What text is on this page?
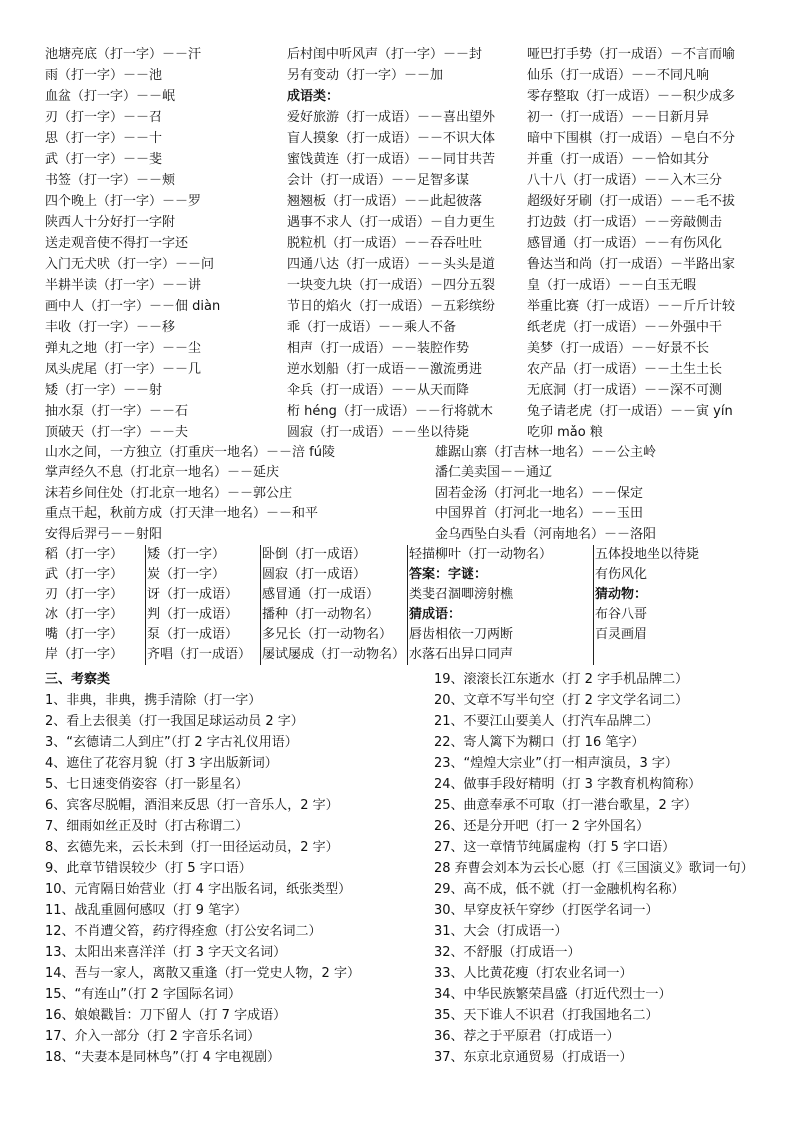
池塘亮底（打一字）－－汗
雨（打一字）－－池
血盆（打一字）－－岷
刃（打一字）－－召
思（打一字）－－十
武（打一字）－－斐
书签（打一字）－－颊
四个晚上（打一字）－－罗
陕西人十分好打一字附
送走观音使不得打一字还
入门无犬吠（打一字）－－问
半耕半读（打一字）－－讲
画中人（打一字）－－佃 diàn
丰收（打一字）－－移
弹丸之地（打一字）－－尘
凤头虎尾（打一字）－－几
矮（打一字）－－射
抽水泵（打一字）－－石
顶破天（打一字）－－夫
后村闺中听风声（打一字）－－封
另有变动（打一字）－－加
成语类：
爱好旅游（打一成语）－－喜出望外
盲人摸象（打一成语）－－不识大体
蜜饯黄连（打一成语）－－同甘共苦
会计（打一成语）－－足智多谋
翘翘板（打一成语）－－此起彼落
遇事不求人（打一成语）－自力更生
脱粒机（打一成语）－－吞吞吐吐
四通八达（打一成语）－－头头是道
一块变九块（打一成语）－四分五裂
节日的焰火（打一成语）－五彩缤纷
乖（打一成语）－－乘人不备
相声（打一成语）－－装腔作势
逆水划船（打一成语－－激流勇进
伞兵（打一成语）－－从天而降
桁 héng（打一成语）－－行将就木
圆寂（打一成语）－－坐以待毙
哑巴打手势（打一成语）－不言而喻
仙乐（打一成语）－－不同凡响
零存整取（打一成语）－－积少成多
初一（打一成语）－－日新月异
暗中下围棋（打一成语）－皂白不分
并重（打一成语）－－恰如其分
八十八（打一成语）－－入木三分
超级好牙刷（打一成语）－－毛不拔
打边鼓（打一成语）－－旁敲侧击
感冒通（打一成语）－－有伤风化
鲁达当和尚（打一成语）－半路出家
皇（打一成语）－－白玉无暇
举重比赛（打一成语）－－斤斤计较
纸老虎（打一成语）－－外强中干
美梦（打一成语）－－好景不长
农产品（打一成语）－－土生土长
无底洞（打一成语）－－深不可测
兔子请老虎（打一成语）－－寅 yín
吃卯 mǎo 粮
山水之间，一方独立（打重庆一地名）－－涪 fú陵
掌声经久不息（打北京一地名）－－延庆
沫若乡间住处（打北京一地名）－－郭公庄
重点干起，秋前方成（打天津一地名）－－和平
安得后羿弓－－射阳
雄踞山寨（打吉林一地名）－－公主岭
潘仁美卖国－－通辽
固若金汤（打河北一地名）－－保定
中国界首（打河北一地名）－－玉田
金乌西坠白头看（河南地名）－－洛阳
稻（打一字）	矮（打一字）	卧倒（打一成语）	轻描柳叶（打一动物名）	五体投地坐以待毙
武（打一字）	炭（打一字）	圆寂（打一成语）	答案：字谜：	有伤风化
刃（打一字）	讶（打一成语）	感冒通（打一成语）	类斐召涸唧滂射樵	猜动物：
冰（打一字）	判（打一成语）	播种（打一动物名）	猜成语：	布谷八哥
嘴（打一字）	泵（打一成语）	多兄长（打一动物名）	唇齿相依一刀两断	百灵画眉
岸（打一字）	齐唱（打一成语）	屡试屡成（打一动物名）	水落石出异口同声	
三、考察类
1、非典，非典，携手清除（打一字）
2、看上去很美（打一我国足球运动员 2 字）
3、“玄德请二人到庄”（打 2 字古礼仪用语）
4、遮住了花容月貌（打 3 字出版新词）
5、七日速变俏姿容（打一影星名）
6、宾客尽脱帽，酒泪来反思（打一音乐人，2 字）
7、细雨如丝正及时（打古称谓二）
8、玄德先来，云长未到（打一田径运动员，2 字）
9、此章节错误较少（打 5 字口语）
10、元宵隔日始营业（打 4 字出版名词，纸张类型）
11、战乱重圆何感叹（打 9 笔字）
12、不肖遭父笞，药疗得痊愈（打公安名词二）
13、太阳出来喜洋洋（打 3 字天文名词）
14、吾与一家人，离散又重逢（打一党史人物，2 字）
15、“有连山”（打 2 字国际名词）
16、娘娘戳旨：刀下留人（打 7 字成语）
17、介入一部分（打 2 字音乐名词）
18、“夫妻本是同林鸟”（打 4 字电视剧）
19、滚滚长江东逝水（打 2 字手机品牌二）
20、文章不写半句空（打 2 字文学名词二）
21、不要江山要美人（打汽车品牌二）
22、寄人篱下为糊口（打 16 笔字）
23、“煌煌大宗业”（打一相声演员，3 字）
24、做事手段好精明（打 3 字教育机构简称）
25、曲意奉承不可取（打一港台歌星，2 字）
26、还是分开吧（打一 2 字外国名）
27、这一章情节纯属虚构（打 5 字口语）
28 弃曹会刘本为云长心愿（打《三国演义》歌词一句）
29、高不成，低不就（打一金融机构名称）
30、早穿皮袄午穿纱（打医学名词一）
31、大会（打成语一）
32、不舒服（打成语一）
33、人比黄花瘦（打农业名词一）
34、中华民族繁荣昌盛（打近代烈士一）
35、天下谁人不识君（打我国地名二）
36、荐之于平原君（打成语一）
37、东京北京通贸易（打成语一）
